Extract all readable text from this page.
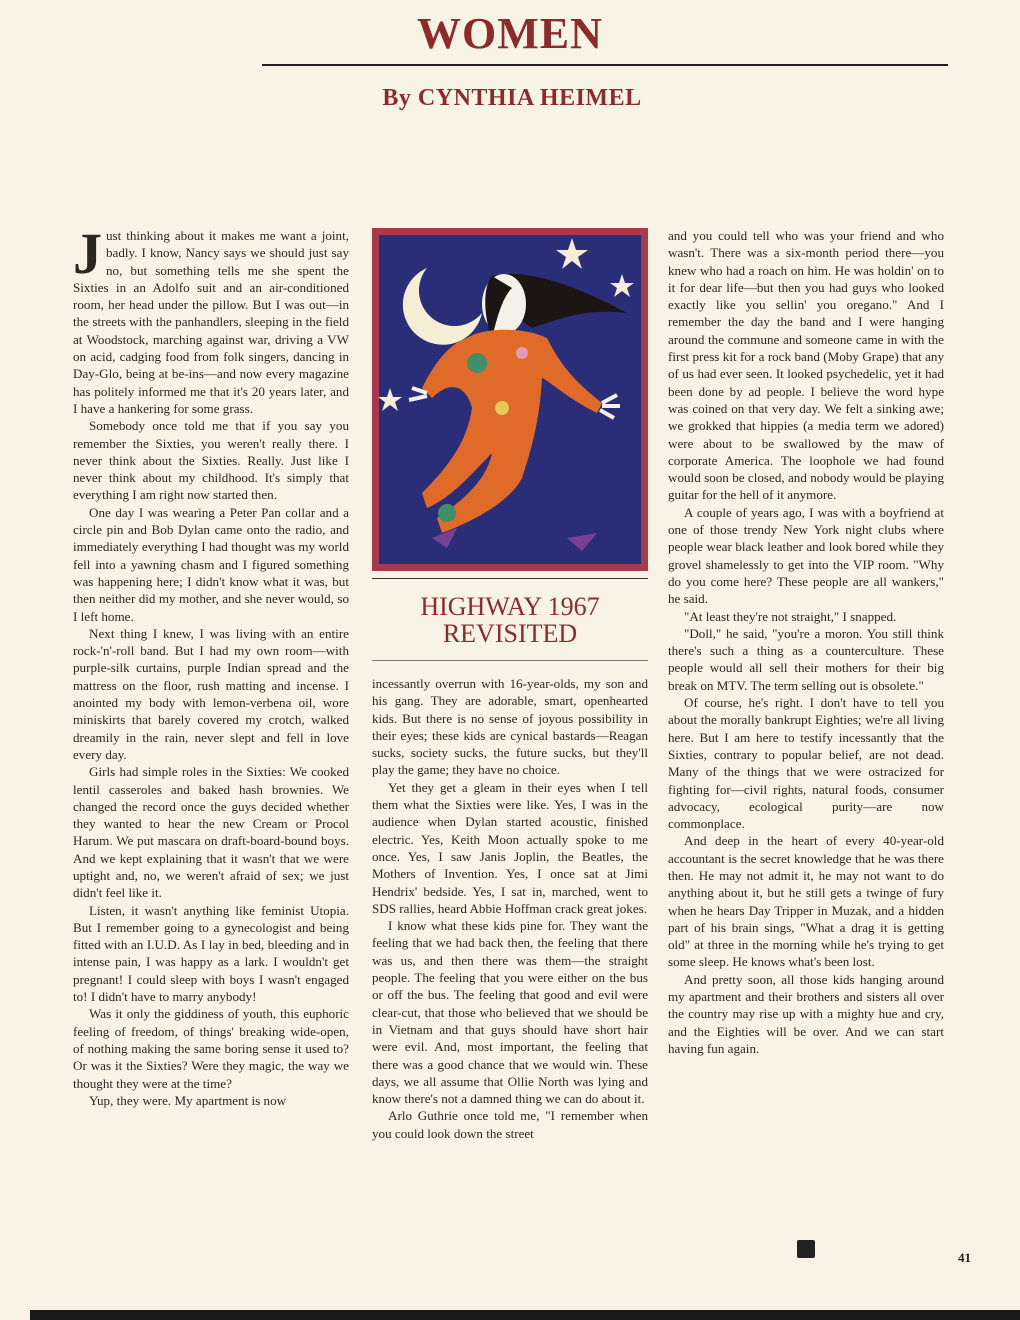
WOMEN
By CYNTHIA HEIMEL

Just thinking about it makes me want a joint, badly. I know, Nancy says we should just say no, but something tells me she spent the Sixties in an Adolfo suit and an air-conditioned room, her head under the pillow. But I was out—in the streets with the panhandlers, sleeping in the field at Woodstock, marching against war, driving a VW on acid, cadging food from folk singers, dancing in Day-Glo, being at be-ins—and now every magazine has politely informed me that it's 20 years later, and I have a hankering for some grass.

Somebody once told me that if you say you remember the Sixties, you weren't really there. I never think about the Sixties. Really. Just like I never think about my childhood. It's simply that everything I am right now started then.

One day I was wearing a Peter Pan collar and a circle pin and Bob Dylan came onto the radio, and immediately everything I had thought was my world fell into a yawning chasm and I figured something was happening here; I didn't know what it was, but then neither did my mother, and she never would, so I left home.

Next thing I knew, I was living with an entire rock-'n'-roll band. But I had my own room—with purple-silk curtains, purple Indian spread and the mattress on the floor, rush matting and incense. I anointed my body with lemon-verbena oil, wore miniskirts that barely covered my crotch, walked dreamily in the rain, never slept and fell in love every day.

Girls had simple roles in the Sixties: We cooked lentil casseroles and baked hash brownies. We changed the record once the guys decided whether they wanted to hear the new Cream or Procol Harum. We put mascara on draft-board-bound boys. And we kept explaining that it wasn't that we were uptight and, no, we weren't afraid of sex; we just didn't feel like it.

Listen, it wasn't anything like feminist Utopia. But I remember going to a gynecologist and being fitted with an I.U.D. As I lay in bed, bleeding and in intense pain, I was happy as a lark. I wouldn't get pregnant! I could sleep with boys I wasn't engaged to! I didn't have to marry anybody!

Was it only the giddiness of youth, this euphoric feeling of freedom, of things' breaking wide-open, of nothing making the same boring sense it used to? Or was it the Sixties? Were they magic, the way we thought they were at the time?

Yup, they were. My apartment is now

HIGHWAY 1967
REVISITED

incessantly overrun with 16-year-olds, my son and his gang. They are adorable, smart, openhearted kids. But there is no sense of joyous possibility in their eyes; these kids are cynical bastards—Reagan sucks, society sucks, the future sucks, but they'll play the game; they have no choice.

Yet they get a gleam in their eyes when I tell them what the Sixties were like. Yes, I was in the audience when Dylan started acoustic, finished electric. Yes, Keith Moon actually spoke to me once. Yes, I saw Janis Joplin, the Beatles, the Mothers of Invention. Yes, I once sat at Jimi Hendrix' bedside. Yes, I sat in, marched, went to SDS rallies, heard Abbie Hoffman crack great jokes.

I know what these kids pine for. They want the feeling that we had back then, the feeling that there was us, and then there was them—the straight people. The feeling that you were either on the bus or off the bus. The feeling that good and evil were clear-cut, that those who believed that we should be in Vietnam and that guys should have short hair were evil. And, most important, the feeling that there was a good chance that we would win. These days, we all assume that Ollie North was lying and know there's not a damned thing we can do about it.

Arlo Guthrie once told me, "I remember when you could look down the street

and you could tell who was your friend and who wasn't. There was a six-month period there—you knew who had a roach on him. He was holdin' on to it for dear life—but then you had guys who looked exactly like you sellin' you oregano." And I remember the day the band and I were hanging around the commune and someone came in with the first press kit for a rock band (Moby Grape) that any of us had ever seen. It looked psychedelic, yet it had been done by ad people. I believe the word hype was coined on that very day. We felt a sinking awe; we grokked that hippies (a media term we adored) were about to be swallowed by the maw of corporate America. The loophole we had found would soon be closed, and nobody would be playing guitar for the hell of it anymore.

A couple of years ago, I was with a boyfriend at one of those trendy New York night clubs where people wear black leather and look bored while they grovel shamelessly to get into the VIP room. "Why do you come here? These people are all wankers," he said.

"At least they're not straight," I snapped.

"Doll," he said, "you're a moron. You still think there's such a thing as a counterculture. These people would all sell their mothers for their big break on MTV. The term selling out is obsolete."

Of course, he's right. I don't have to tell you about the morally bankrupt Eighties; we're all living here. But I am here to testify incessantly that the Sixties, contrary to popular belief, are not dead. Many of the things that we were ostracized for fighting for—civil rights, natural foods, consumer advocacy, ecological purity—are now commonplace.

And deep in the heart of every 40-year-old accountant is the secret knowledge that he was there then. He may not admit it, he may not want to do anything about it, but he still gets a twinge of fury when he hears Day Tripper in Muzak, and a hidden part of his brain sings, "What a drag it is getting old" at three in the morning while he's trying to get some sleep. He knows what's been lost.

And pretty soon, all those kids hanging around my apartment and their brothers and sisters all over the country may rise up with a mighty hue and cry, and the Eighties will be over. And we can start having fun again.

41
